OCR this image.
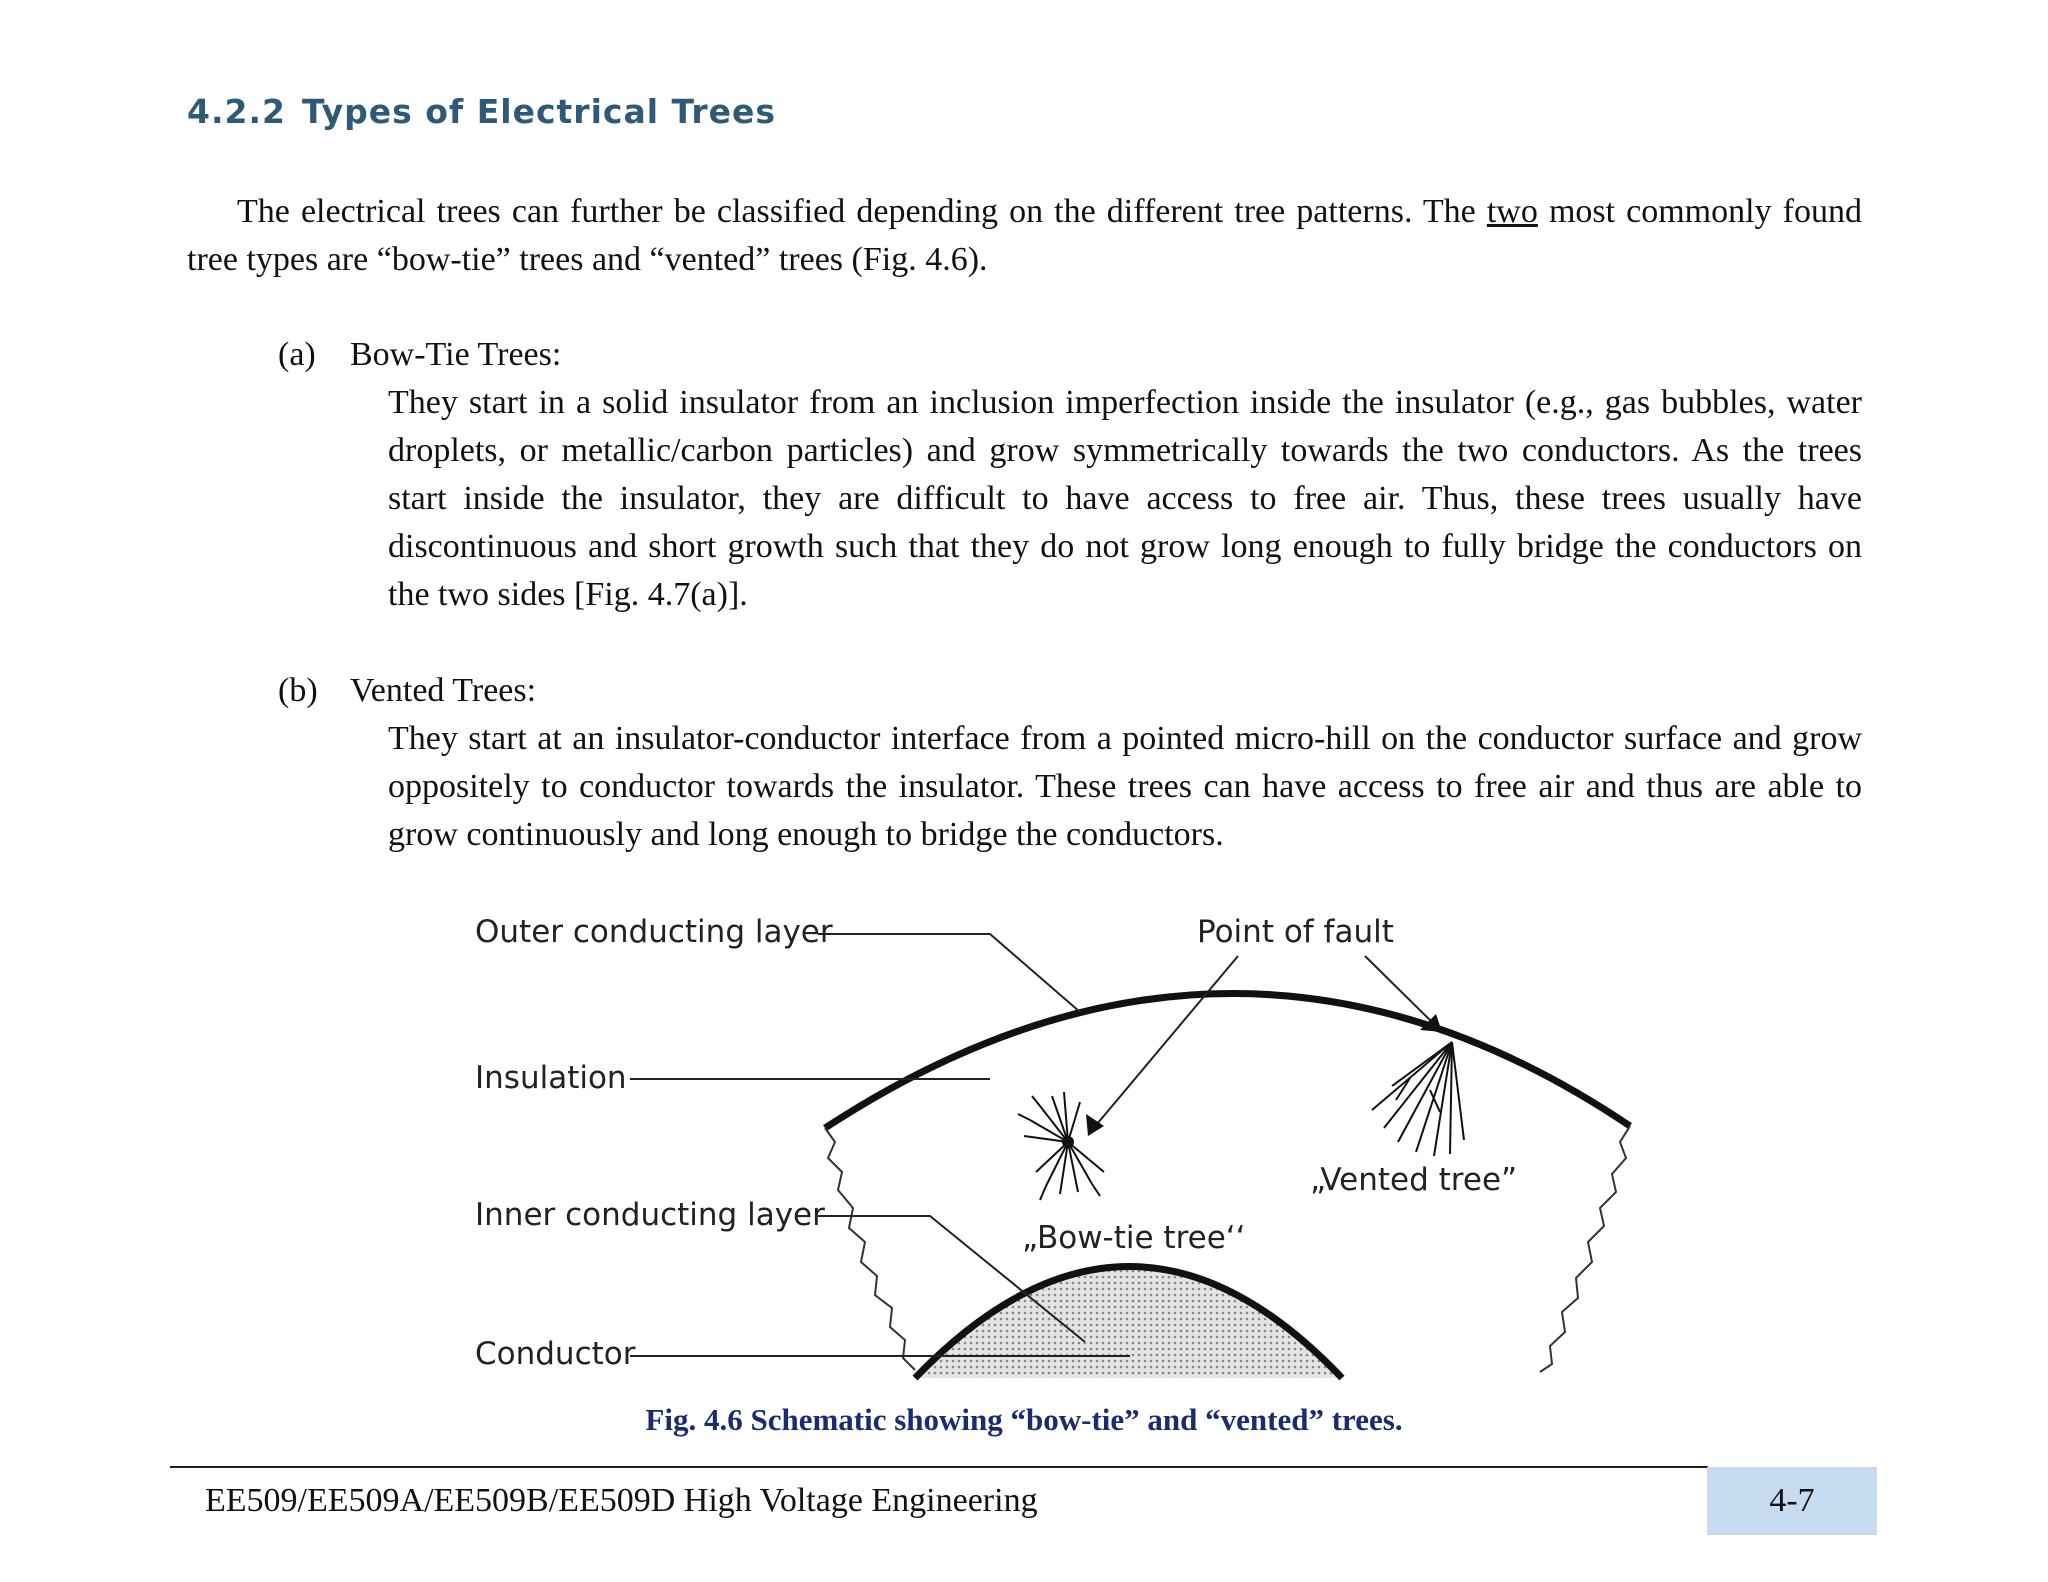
4.2.2 Types of Electrical Trees
The electrical trees can further be classified depending on the different tree patterns. The two most commonly found tree types are “bow-tie” trees and “vented” trees (Fig. 4.6).
(a) Bow-Tie Trees:
They start in a solid insulator from an inclusion imperfection inside the insulator (e.g., gas bubbles, water droplets, or metallic/carbon particles) and grow symmetrically towards the two conductors. As the trees start inside the insulator, they are difficult to have access to free air. Thus, these trees usually have discontinuous and short growth such that they do not grow long enough to fully bridge the conductors on the two sides [Fig. 4.7(a)].
(b) Vented Trees:
They start at an insulator-conductor interface from a pointed micro-hill on the conductor surface and grow oppositely to conductor towards the insulator. These trees can have access to free air and thus are able to grow continuously and long enough to bridge the conductors.
Outer conducting layer
Insulation
Inner conducting layer
Conductor
Point of fault
„Vented tree”
„Bow-tie tree‘‘
Fig. 4.6 Schematic showing “bow-tie” and “vented” trees.
EE509/EE509A/EE509B/EE509D High Voltage Engineering	4-7
